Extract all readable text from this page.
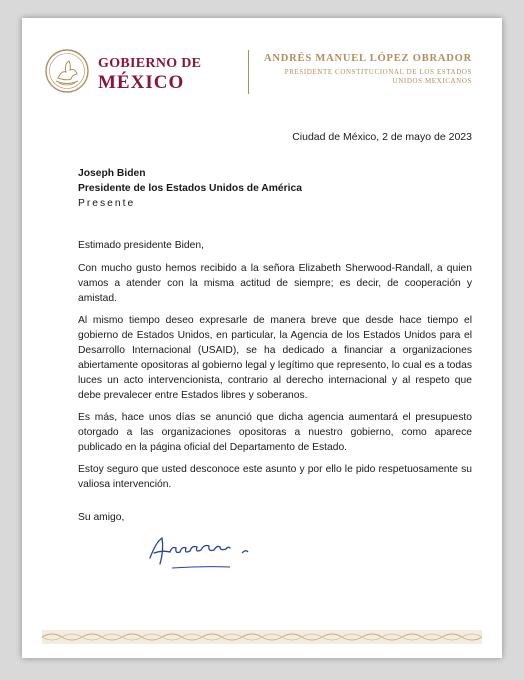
GOBIERNO DE
MÉXICO
ANDRÉS MANUEL LÓPEZ OBRADOR
PRESIDENTE CONSTITUCIONAL DE LOS ESTADOS UNIDOS MEXICANOS
Ciudad de México, 2 de mayo de 2023
Joseph Biden
Presidente de los Estados Unidos de América
Presente

Estimado presidente Biden,

Con mucho gusto hemos recibido a la señora Elizabeth Sherwood-Randall, a quien vamos a atender con la misma actitud de siempre; es decir, de cooperación y amistad.

Al mismo tiempo deseo expresarle de manera breve que desde hace tiempo el gobierno de Estados Unidos, en particular, la Agencia de los Estados Unidos para el Desarrollo Internacional (USAID), se ha dedicado a financiar a organizaciones abiertamente opositoras al gobierno legal y legítimo que represento, lo cual es a todas luces un acto intervencionista, contrario al derecho internacional y al respeto que debe prevalecer entre Estados libres y soberanos.

Es más, hace unos días se anunció que dicha agencia aumentará el presupuesto otorgado a las organizaciones opositoras a nuestro gobierno, como aparece publicado en la página oficial del Departamento de Estado.

Estoy seguro que usted desconoce este asunto y por ello le pido respetuosamente su valiosa intervención.

Su amigo,
